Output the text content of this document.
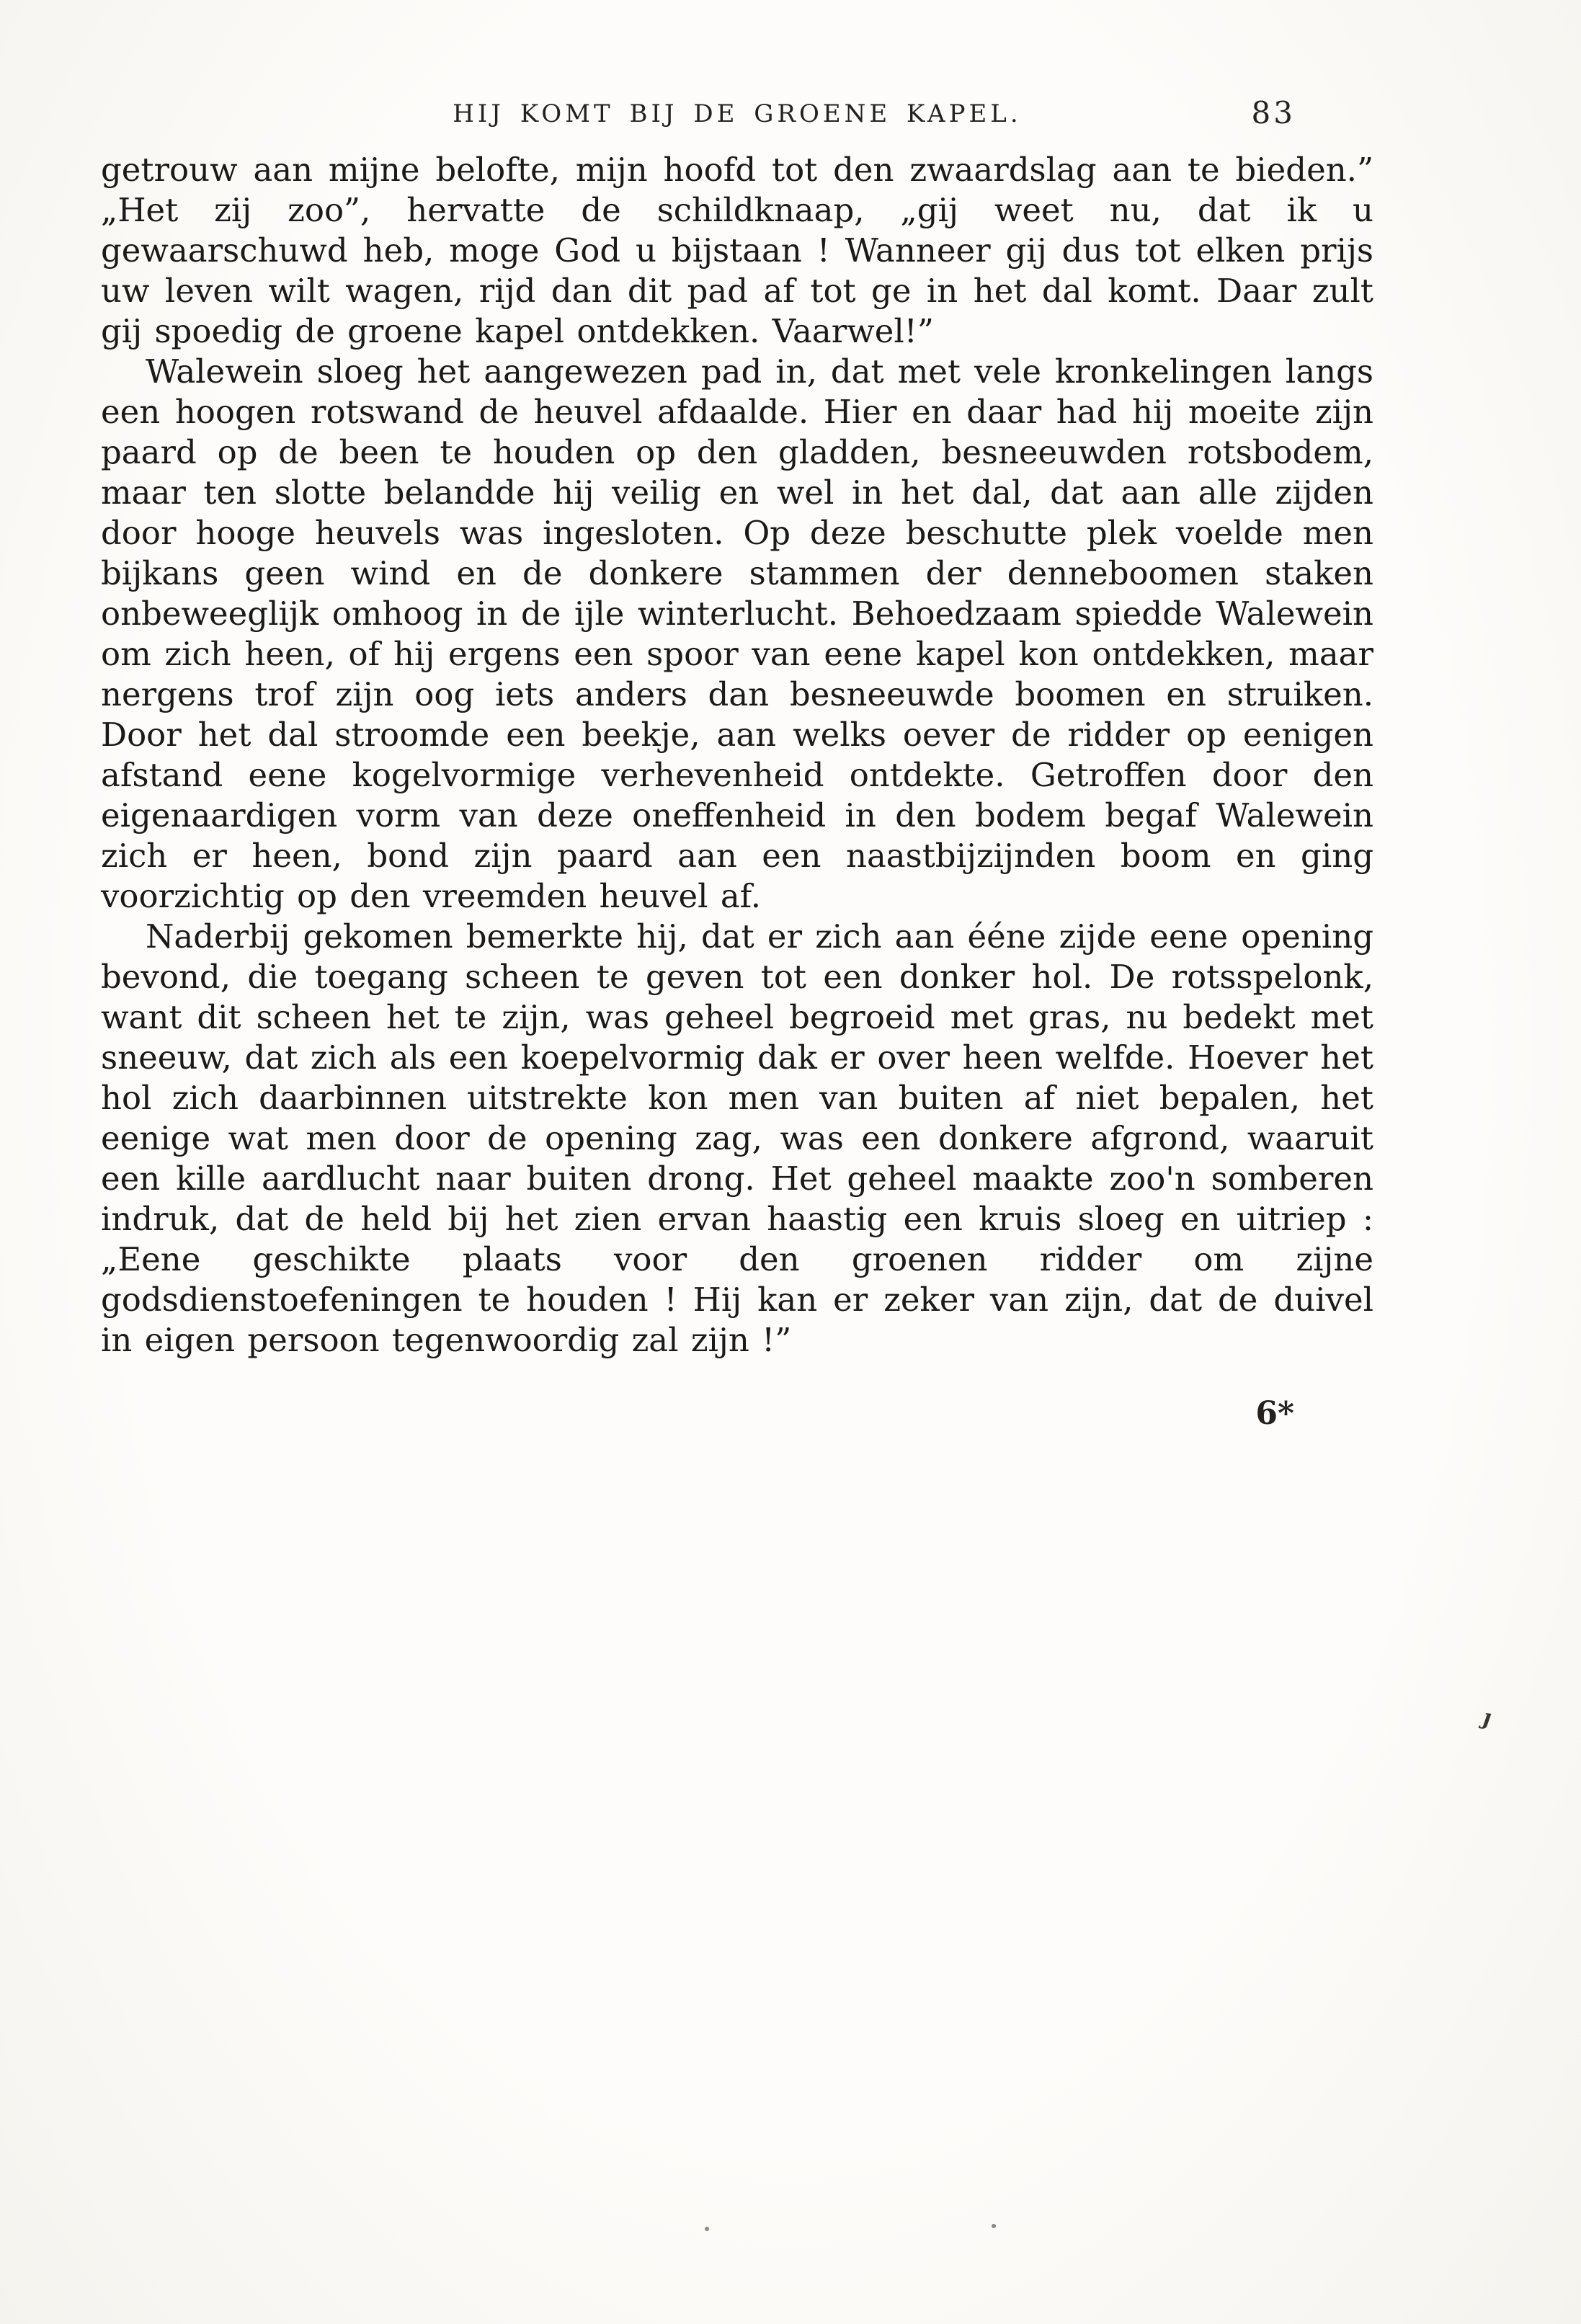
HIJ KOMT BIJ DE GROENE KAPEL.	83

getrouw aan mijne belofte, mijn hoofd tot den zwaardslag aan te bieden.” „Het zij zoo”, hervatte de schildknaap, „gij weet nu, dat ik u gewaarschuwd heb, moge God u bijstaan ! Wanneer gij dus tot elken prijs uw leven wilt wagen, rijd dan dit pad af tot ge in het dal komt. Daar zult gij spoedig de groene kapel ontdekken. Vaarwel!”

Walewein sloeg het aangewezen pad in, dat met vele kronkelingen langs een hoogen rotswand de heuvel afdaalde. Hier en daar had hij moeite zijn paard op de been te houden op den gladden, besneeuwden rotsbodem, maar ten slotte belandde hij veilig en wel in het dal, dat aan alle zijden door hooge heuvels was ingesloten. Op deze beschutte plek voelde men bijkans geen wind en de donkere stammen der denneboomen staken onbeweeglijk omhoog in de ijle winterlucht. Behoedzaam spiedde Walewein om zich heen, of hij ergens een spoor van eene kapel kon ontdekken, maar nergens trof zijn oog iets anders dan besneeuwde boomen en struiken. Door het dal stroomde een beekje, aan welks oever de ridder op eenigen afstand eene kogelvormige verhevenheid ontdekte. Getroffen door den eigenaardigen vorm van deze oneffenheid in den bodem begaf Walewein zich er heen, bond zijn paard aan een naastbijzijnden boom en ging voorzichtig op den vreemden heuvel af.

Naderbij gekomen bemerkte hij, dat er zich aan ééne zijde eene opening bevond, die toegang scheen te geven tot een donker hol. De rotsspelonk, want dit scheen het te zijn, was geheel begroeid met gras, nu bedekt met sneeuw, dat zich als een koepelvormig dak er over heen welfde. Hoever het hol zich daarbinnen uitstrekte kon men van buiten af niet bepalen, het eenige wat men door de opening zag, was een donkere afgrond, waaruit een kille aardlucht naar buiten drong. Het geheel maakte zoo'n somberen indruk, dat de held bij het zien ervan haastig een kruis sloeg en uitriep : „Eene geschikte plaats voor den groenen ridder om zijne godsdienstoefeningen te houden ! Hij kan er zeker van zijn, dat de duivel in eigen persoon tegenwoordig zal zijn !”

6*
ȷ
